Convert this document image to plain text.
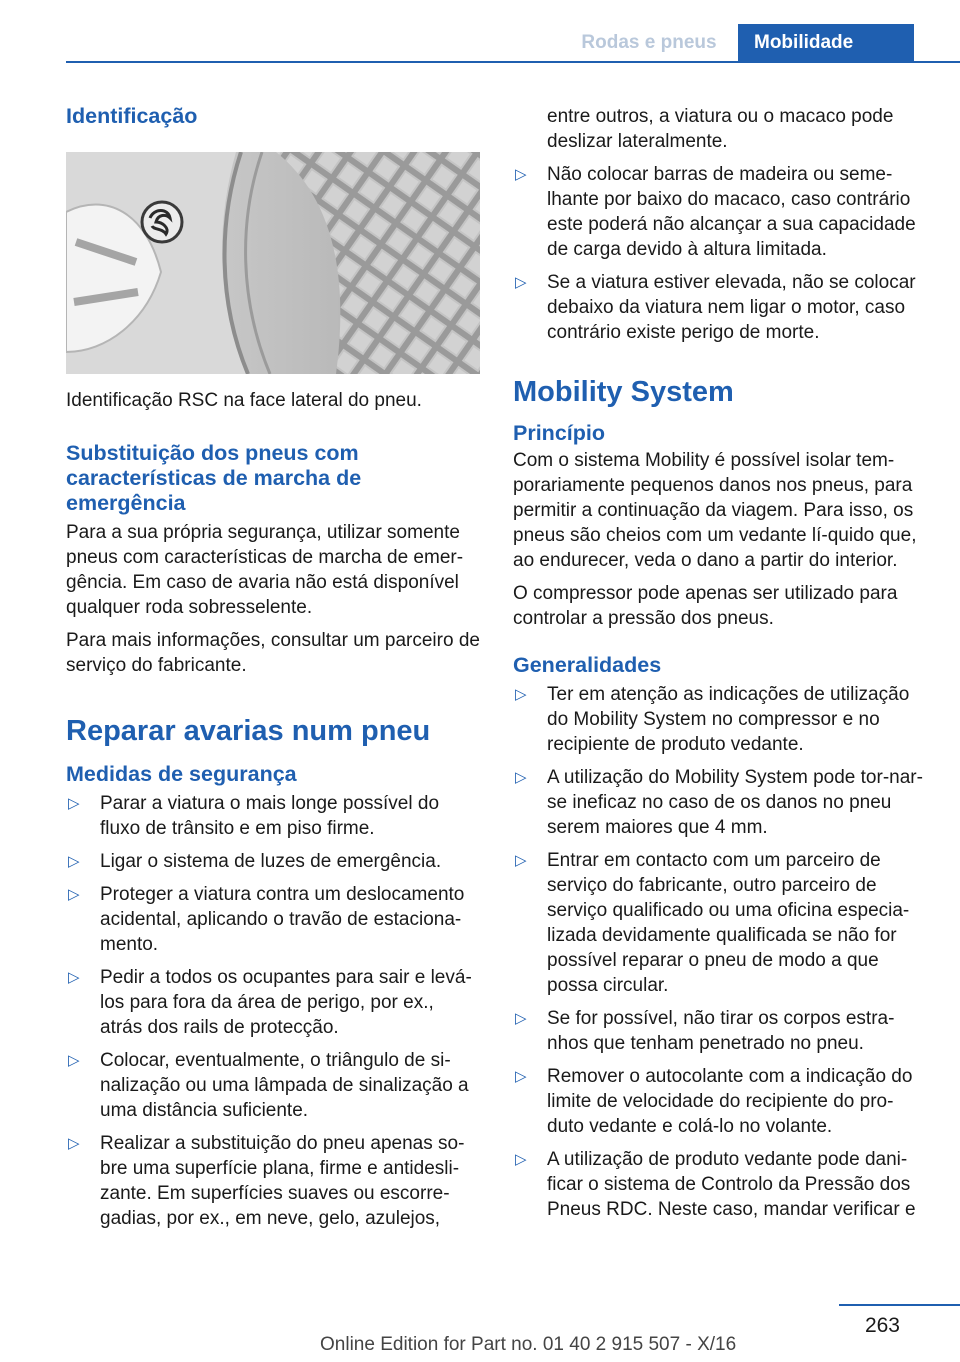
Rodas e pneus	Mobilidade
Identificação

Identificação RSC na face lateral do pneu.

Substituição dos pneus com características de marcha de emergência

Para a sua própria segurança, utilizar somente pneus com características de marcha de emer‐gência. Em caso de avaria não está disponível qualquer roda sobresselente.

Para mais informações, consultar um parceiro de serviço do fabricante.

Reparar avarias num pneu
Medidas de segurança
▷ Parar a viatura o mais longe possível do fluxo de trânsito e em piso firme.
▷ Ligar o sistema de luzes de emergência.
▷ Proteger a viatura contra um deslocamento acidental, aplicando o travão de estaciona‐mento.
▷ Pedir a todos os ocupantes para sair e levá-los para fora da área de perigo, por ex., atrás dos rails de protecção.
▷ Colocar, eventualmente, o triângulo de si‐nalização ou uma lâmpada de sinalização a uma distância suficiente.
▷ Realizar a substituição do pneu apenas so‐bre uma superfície plana, firme e antidesli‐zante. Em superfícies suaves ou escorre‐gadias, por ex., em neve, gelo, azulejos,

entre outros, a viatura ou o macaco pode deslizar lateralmente.

▷ Não colocar barras de madeira ou seme‐lhante por baixo do macaco, caso contrário este poderá não alcançar a sua capacidade de carga devido à altura limitada.
▷ Se a viatura estiver elevada, não se colocar debaixo da viatura nem ligar o motor, caso contrário existe perigo de morte.
Mobility System
Princípio

Com o sistema Mobility é possível isolar tem‐porariamente pequenos danos nos pneus, para permitir a continuação da viagem. Para isso, os pneus são cheios com um vedante lí‐quido que, ao endurecer, veda o dano a partir do interior.

O compressor pode apenas ser utilizado para controlar a pressão dos pneus.

Generalidades
▷ Ter em atenção as indicações de utilização do Mobility System no compressor e no recipiente de produto vedante.
▷ A utilização do Mobility System pode tor‐nar-se ineficaz no caso de os danos no pneu serem maiores que 4 mm.
▷ Entrar em contacto com um parceiro de serviço do fabricante, outro parceiro de serviço qualificado ou uma oficina especia‐lizada devidamente qualificada se não for possível reparar o pneu de modo a que possa circular.
▷ Se for possível, não tirar os corpos estra‐nhos que tenham penetrado no pneu.
▷ Remover o autocolante com a indicação do limite de velocidade do recipiente do pro‐duto vedante e colá-lo no volante.
▷ A utilização de produto vedante pode dani‐ficar o sistema de Controlo da Pressão dos Pneus RDC. Neste caso, mandar verificar e
263
Online Edition for Part no. 01 40 2 915 507 - X/16
